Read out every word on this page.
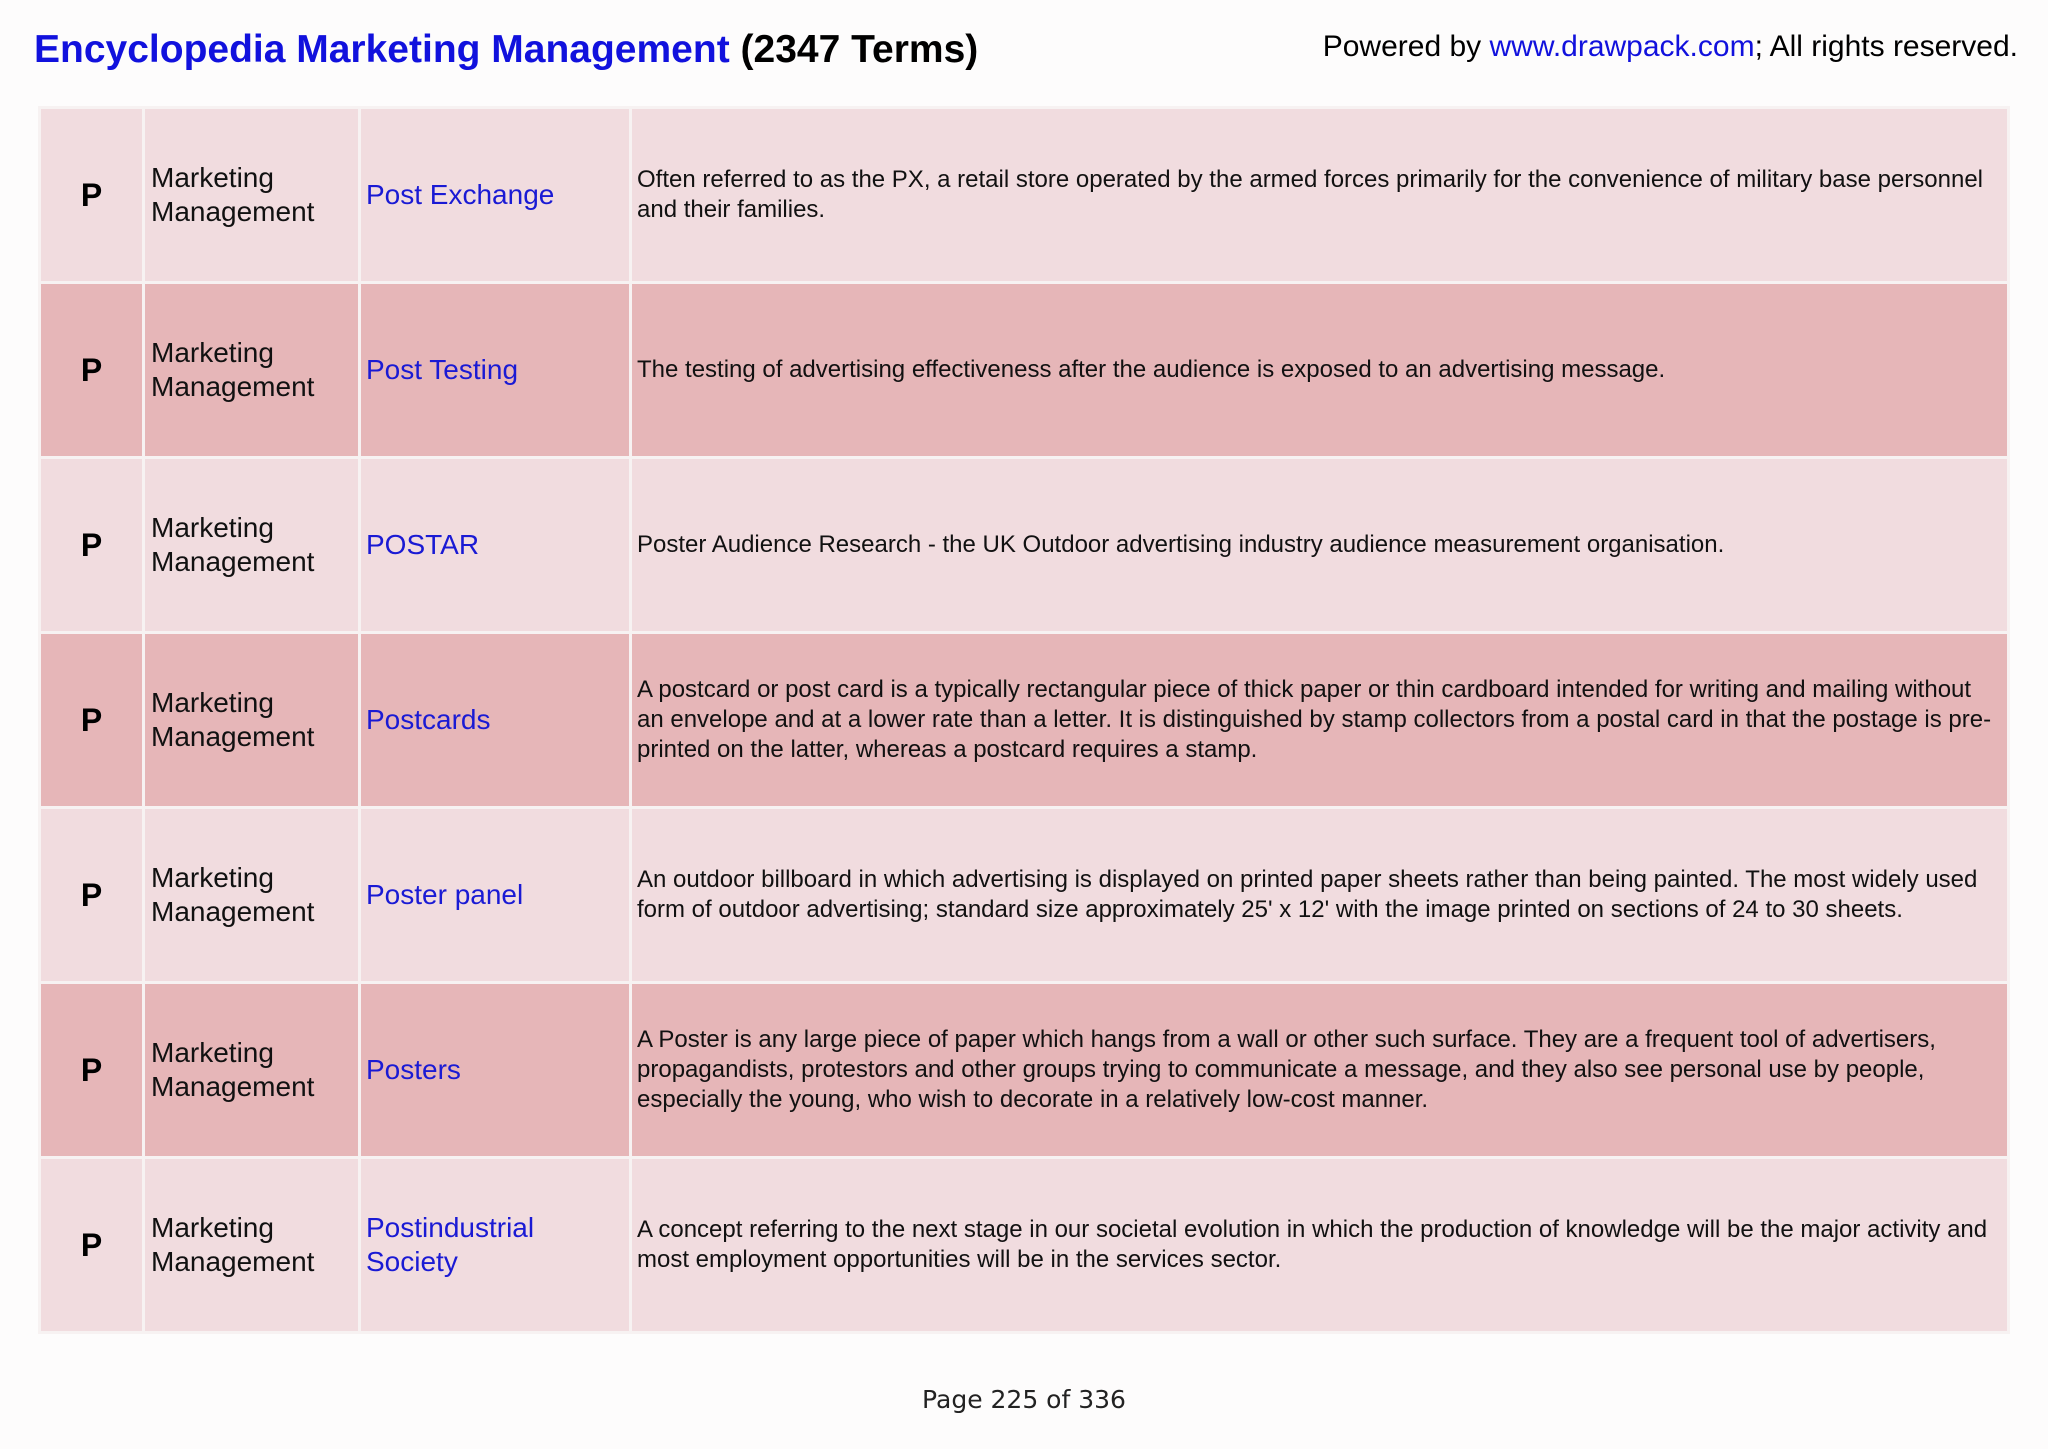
Encyclopedia Marketing Management (2347 Terms)	Powered by www.drawpack.com; All rights reserved.
P	Marketing Management	Post Exchange	Often referred to as the PX, a retail store operated by the armed forces primarily for the convenience of military base personnel and their families.
P	Marketing Management	Post Testing	The testing of advertising effectiveness after the audience is exposed to an advertising message.
P	Marketing Management	POSTAR	Poster Audience Research - the UK Outdoor advertising industry audience measurement organisation.
P	Marketing Management	Postcards	A postcard or post card is a typically rectangular piece of thick paper or thin cardboard intended for writing and mailing without an envelope and at a lower rate than a letter. It is distinguished by stamp collectors from a postal card in that the postage is pre-printed on the latter, whereas a postcard requires a stamp.
P	Marketing Management	Poster panel	An outdoor billboard in which advertising is displayed on printed paper sheets rather than being painted. The most widely used form of outdoor advertising; standard size approximately 25' x 12' with the image printed on sections of 24 to 30 sheets.
P	Marketing Management	Posters	A Poster is any large piece of paper which hangs from a wall or other such surface. They are a frequent tool of advertisers, propagandists, protestors and other groups trying to communicate a message, and they also see personal use by people, especially the young, who wish to decorate in a relatively low-cost manner.
P	Marketing Management	Postindustrial Society	A concept referring to the next stage in our societal evolution in which the production of knowledge will be the major activity and most employment opportunities will be in the services sector.
Page 225 of 336
